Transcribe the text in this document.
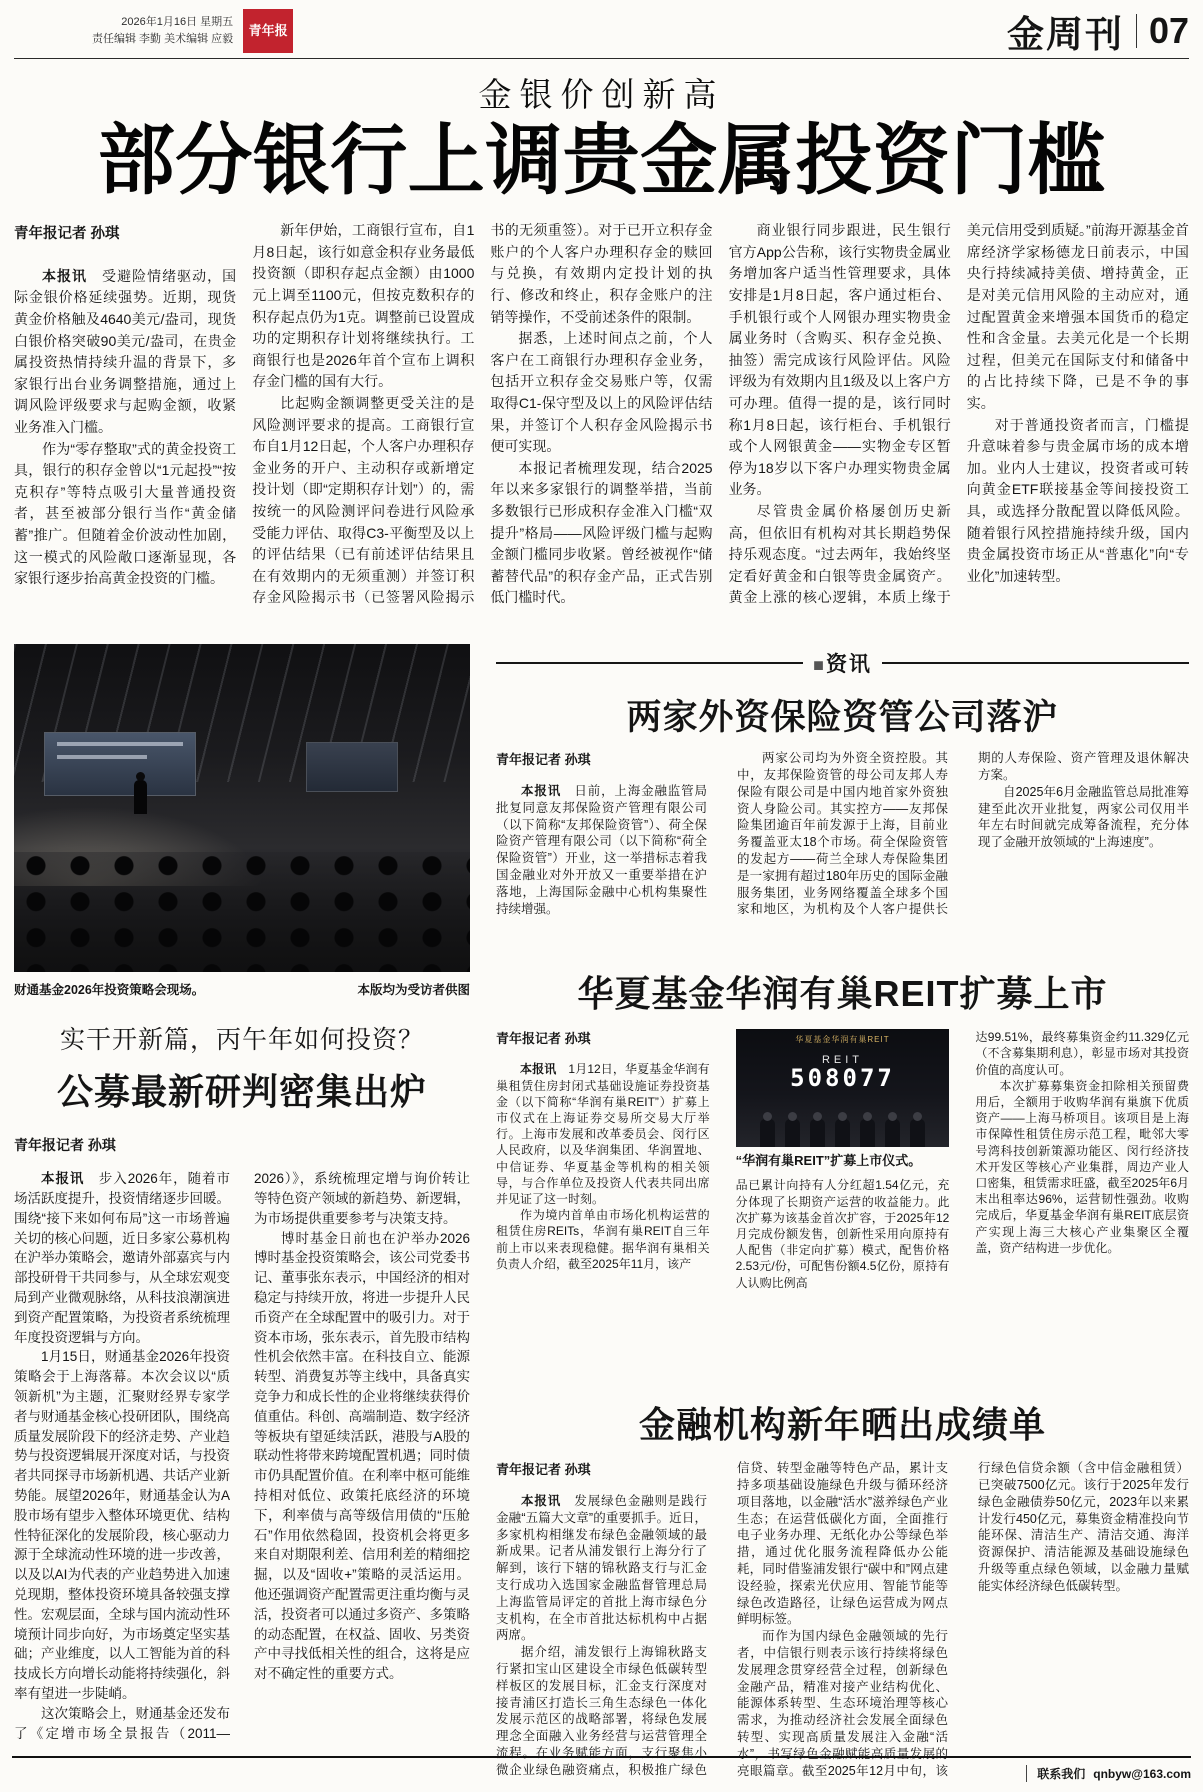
2026年1月16日 星期五
责任编辑 李勤 美术编辑 应毅
青年报	金周刊 07
金银价创新高
部分银行上调贵金属投资门槛

青年报记者 孙琪

本报讯　受避险情绪驱动，国际金银价格延续强势。近期，现货黄金价格触及4640美元/盎司，现货白银价格突破90美元/盎司，在贵金属投资热情持续升温的背景下，多家银行出台业务调整措施，通过上调风险评级要求与起购金额，收紧业务准入门槛。

作为“零存整取”式的黄金投资工具，银行的积存金曾以“1元起投”“按克积存”等特点吸引大量普通投资者，甚至被部分银行当作“黄金储蓄”推广。但随着金价波动性加剧，这一模式的风险敞口逐渐显现，各家银行逐步抬高黄金投资的门槛。

新年伊始，工商银行宣布，自1月8日起，该行如意金积存业务最低投资额（即积存起点金额）由1000元上调至1100元，但按克数积存的积存起点仍为1克。调整前已设置成功的定期积存计划将继续执行。工商银行也是2026年首个宣布上调积存金门槛的国有大行。

比起购金额调整更受关注的是风险测评要求的提高。工商银行宣布自1月12日起，个人客户办理积存金业务的开户、主动积存或新增定投计划（即“定期积存计划”）的，需按统一的风险测评问卷进行风险承受能力评估、取得C3-平衡型及以上的评估结果（已有前述评估结果且在有效期内的无须重测）并签订积存金风险揭示书（已签署风险揭示书的无须重签）。对于已开立积存金账户的个人客户办理积存金的赎回与兑换，有效期内定投计划的执行、修改和终止，积存金账户的注销等操作，不受前述条件的限制。

据悉，上述时间点之前，个人客户在工商银行办理积存金业务，包括开立积存金交易账户等，仅需取得C1-保守型及以上的风险评估结果，并签订个人积存金风险揭示书便可实现。

本报记者梳理发现，结合2025年以来多家银行的调整举措，当前多数银行已形成积存金准入门槛“双提升”格局——风险评级门槛与起购金额门槛同步收紧。曾经被视作“储蓄替代品”的积存金产品，正式告别低门槛时代。

商业银行同步跟进，民生银行官方App公告称，该行实物贵金属业务增加客户适当性管理要求，具体安排是1月8日起，客户通过柜台、手机银行或个人网银办理实物贵金属业务时（含购买、积存金兑换、抽签）需完成该行风险评估。风险评级为有效期内且1级及以上客户方可办理。值得一提的是，该行同时称1月8日起，该行柜台、手机银行或个人网银黄金——实物金专区暂停为18岁以下客户办理实物贵金属业务。

尽管贵金属价格屡创历史新高，但依旧有机构对其长期趋势保持乐观态度。“过去两年，我始终坚定看好黄金和白银等贵金属资产。黄金上涨的核心逻辑，本质上缘于美元信用受到质疑。”前海开源基金首席经济学家杨德龙日前表示，中国央行持续减持美债、增持黄金，正是对美元信用风险的主动应对，通过配置黄金来增强本国货币的稳定性和含金量。去美元化是一个长期过程，但美元在国际支付和储备中的占比持续下降，已是不争的事实。

对于普通投资者而言，门槛提升意味着参与贵金属市场的成本增加。业内人士建议，投资者或可转向黄金ETF联接基金等间接投资工具，或选择分散配置以降低风险。随着银行风控措施持续升级，国内贵金属投资市场正从“普惠化”向“专业化”加速转型。

财通基金2026年投资策略会现场。	本版均为受访者供图
实干开新篇，丙午年如何投资？
公募最新研判密集出炉
青年报记者 孙琪

本报讯　步入2026年，随着市场活跃度提升，投资情绪逐步回暖。围绕“接下来如何布局”这一市场普遍关切的核心问题，近日多家公募机构在沪举办策略会，邀请外部嘉宾与内部投研骨干共同参与，从全球宏观变局到产业微观脉络，从科技浪潮演进到资产配置策略，为投资者系统梳理年度投资逻辑与方向。

1月15日，财通基金2026年投资策略会于上海落幕。本次会议以“质领新机”为主题，汇聚财经界专家学者与财通基金核心投研团队，围绕高质量发展阶段下的经济走势、产业趋势与投资逻辑展开深度对话，与投资者共同探寻市场新机遇、共话产业新势能。展望2026年，财通基金认为A股市场有望步入整体环境更优、结构性特征深化的发展阶段，核心驱动力源于全球流动性环境的进一步改善，以及以AI为代表的产业趋势进入加速兑现期，整体投资环境具备较强支撑性。宏观层面，全球与国内流动性环境预计同步向好，为市场奠定坚实基础；产业维度，以人工智能为首的科技成长方向增长动能将持续强化，斜率有望进一步陡峭。

这次策略会上，财通基金还发布了《定增市场全景报告（2011—2026）》，系统梳理定增与询价转让等特色资产领域的新趋势、新逻辑，为市场提供重要参考与决策支持。

博时基金日前也在沪举办2026博时基金投资策略会，该公司党委书记、董事张东表示，中国经济的相对稳定与持续开放，将进一步提升人民币资产在全球配置中的吸引力。对于资本市场，张东表示，首先股市结构性机会依然丰富。在科技自立、能源转型、消费复苏等主线中，具备真实竞争力和成长性的企业将继续获得价值重估。科创、高端制造、数字经济等板块有望延续活跃，港股与A股的联动性将带来跨境配置机遇；同时债市仍具配置价值。在利率中枢可能维持相对低位、政策托底经济的环境下，利率债与高等级信用债的“压舱石”作用依然稳固，投资机会将更多来自对期限利差、信用利差的精细挖掘，以及“固收+”策略的灵活运用。他还强调资产配置需更注重均衡与灵活，投资者可以通过多资产、多策略的动态配置，在权益、固收、另类资产中寻找低相关性的组合，这将是应对不确定性的重要方式。

■资讯
两家外资保险资管公司落沪

青年报记者 孙琪

本报讯　日前，上海金融监管局批复同意友邦保险资产管理有限公司（以下简称“友邦保险资管”）、荷全保险资产管理有限公司（以下简称“荷全保险资管”）开业，这一举措标志着我国金融业对外开放又一重要举措在沪落地，上海国际金融中心机构集聚性持续增强。

两家公司均为外资全资控股。其中，友邦保险资管的母公司友邦人寿保险有限公司是中国内地首家外资独资人身险公司。其实控方——友邦保险集团逾百年前发源于上海，目前业务覆盖亚太18个市场。荷全保险资管的发起方——荷兰全球人寿保险集团是一家拥有超过180年历史的国际金融服务集团，业务网络覆盖全球多个国家和地区，为机构及个人客户提供长期的人寿保险、资产管理及退休解决方案。

自2025年6月金融监管总局批准筹建至此次开业批复，两家公司仅用半年左右时间就完成筹备流程，充分体现了金融开放领域的“上海速度”。

华夏基金华润有巢REIT扩募上市

青年报记者 孙琪

本报讯　1月12日，华夏基金华润有巢租赁住房封闭式基础设施证券投资基金（以下简称“华润有巢REIT”）扩募上市仪式在上海证券交易所交易大厅举行。上海市发展和改革委员会、闵行区人民政府，以及华润集团、华润置地、中信证券、华夏基金等机构的相关领导，与合作单位及投资人代表共同出席并见证了这一时刻。

作为境内首单由市场化机构运营的租赁住房REITs，华润有巢REIT自三年前上市以来表现稳健。据华润有巢相关负责人介绍，截至2025年11月，该产

华夏基金华润有巢REIT
REIT
508077
“华润有巢REIT”扩募上市仪式。

品已累计向持有人分红超1.54亿元，充分体现了长期资产运营的收益能力。此次扩募为该基金首次扩容，于2025年12月完成份额发售，创新性采用向原持有人配售（非定向扩募）模式，配售价格2.53元/份，可配售份额4.5亿份，原持有人认购比例高

达99.51%，最终募集资金约11.329亿元（不含募集期利息），彰显市场对其投资价值的高度认可。

本次扩募募集资金扣除相关预留费用后，全额用于收购华润有巢旗下优质资产——上海马桥项目。该项目是上海市保障性租赁住房示范工程，毗邻大零号湾科技创新策源功能区、闵行经济技术开发区等核心产业集群，周边产业人口密集，租赁需求旺盛，截至2025年6月末出租率达96%，运营韧性强劲。收购完成后，华夏基金华润有巢REIT底层资产实现上海三大核心产业集聚区全覆盖，资产结构进一步优化。

金融机构新年晒出成绩单

青年报记者 孙琪

本报讯　发展绿色金融则是践行金融“五篇大文章”的重要抓手。近日，多家机构相继发布绿色金融领域的最新成果。记者从浦发银行上海分行了解到，该行下辖的锦秋路支行与汇金支行成功入选国家金融监督管理总局上海监管局评定的首批上海市绿色分支机构，在全市首批达标机构中占据两席。

据介绍，浦发银行上海锦秋路支行紧扣宝山区建设全市绿色低碳转型样板区的发展目标，汇金支行深度对接青浦区打造长三角生态绿色一体化发展示范区的战略部署，将绿色发展理念全面融入业务经营与运营管理全流程。在业务赋能方面，支行聚焦小微企业绿色融资痛点，积极推广绿色信贷、转型金融等特色产品，累计支持多项基础设施绿色升级与循环经济项目落地，以金融“活水”滋养绿色产业生态；在运营低碳化方面，全面推行电子业务办理、无纸化办公等绿色举措，通过优化服务流程降低办公能耗，同时借鉴浦发银行“碳中和”网点建设经验，探索光伏应用、智能节能等绿色改造路径，让绿色运营成为网点鲜明标签。

而作为国内绿色金融领域的先行者，中信银行则表示该行持续将绿色发展理念贯穿经营全过程，创新绿色金融产品，精准对接产业结构优化、能源体系转型、生态环境治理等核心需求，为推动经济社会发展全面绿色转型、实现高质量发展注入金融“活水”，书写绿色金融赋能高质量发展的亮眼篇章。截至2025年12月中旬，该行绿色信贷余额（含中信金融租赁）已突破7500亿元。该行于2025年发行绿色金融债券50亿元，2023年以来累计发行450亿元，募集资金精准投向节能环保、清洁生产、清洁交通、海洋资源保护、清洁能源及基础设施绿色升级等重点绿色领域，以金融力量赋能实体经济绿色低碳转型。

联系我们 qnbyw@163.com
